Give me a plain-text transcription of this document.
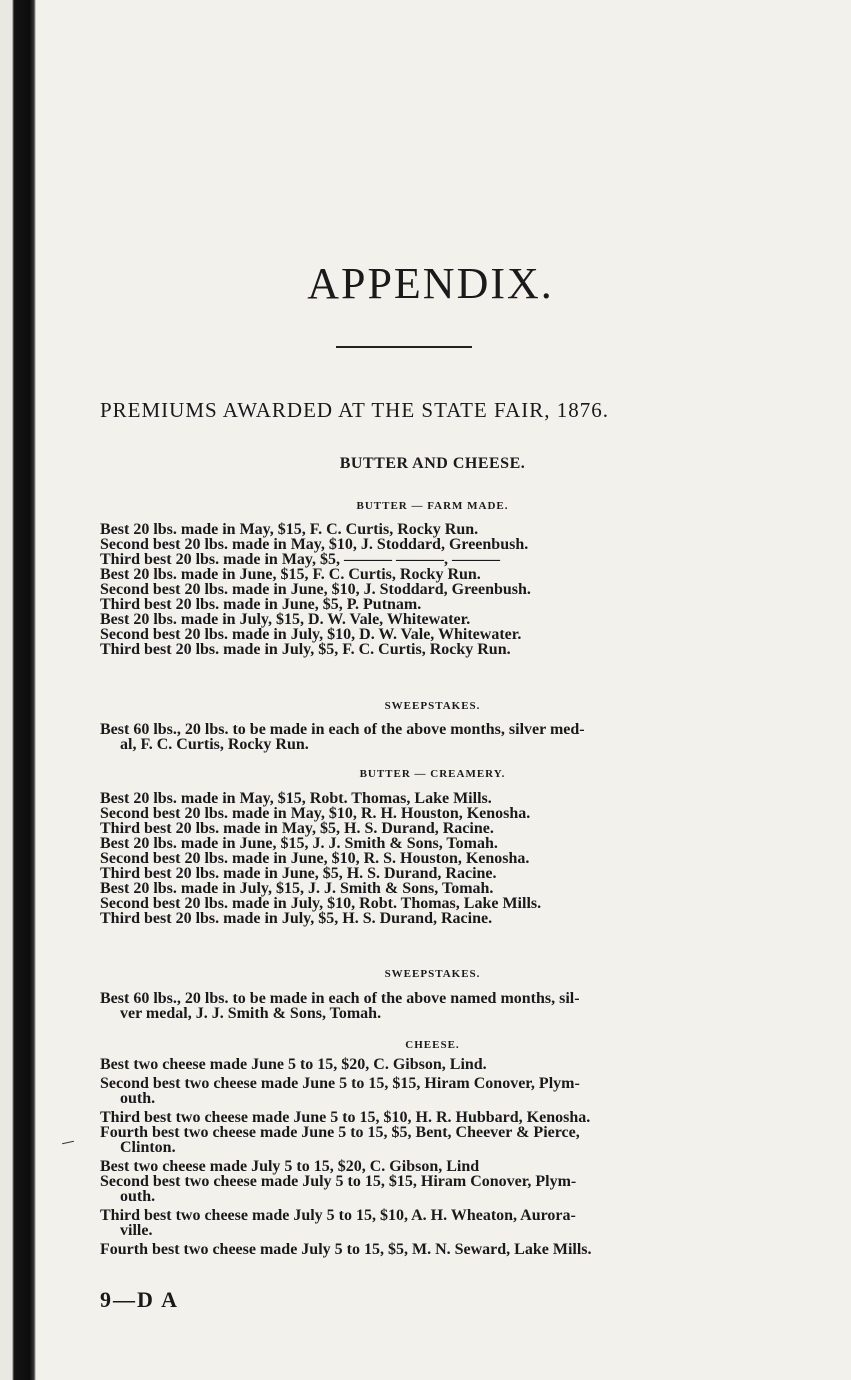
APPENDIX.
PREMIUMS AWARDED AT THE STATE FAIR, 1876.
BUTTER AND CHEESE.
BUTTER — FARM MADE.
Best 20 lbs. made in May, $15, F. C. Curtis, Rocky Run.
Second best 20 lbs. made in May, $10, J. Stoddard, Greenbush.
Third best 20 lbs. made in May, $5, ——— ———, ———
Best 20 lbs. made in June, $15, F. C. Curtis, Rocky Run.
Second best 20 lbs. made in June, $10, J. Stoddard, Greenbush.
Third best 20 lbs. made in June, $5, P. Putnam.
Best 20 lbs. made in July, $15, D. W. Vale, Whitewater.
Second best 20 lbs. made in July, $10, D. W. Vale, Whitewater.
Third best 20 lbs. made in July, $5, F. C. Curtis, Rocky Run.
SWEEPSTAKES.
Best 60 lbs., 20 lbs. to be made in each of the above months, silver med-
al, F. C. Curtis, Rocky Run.
BUTTER — CREAMERY.
Best 20 lbs. made in May, $15, Robt. Thomas, Lake Mills.
Second best 20 lbs. made in May, $10, R. H. Houston, Kenosha.
Third best 20 lbs. made in May, $5, H. S. Durand, Racine.
Best 20 lbs. made in June, $15, J. J. Smith & Sons, Tomah.
Second best 20 lbs. made in June, $10, R. S. Houston, Kenosha.
Third best 20 lbs. made in June, $5, H. S. Durand, Racine.
Best 20 lbs. made in July, $15, J. J. Smith & Sons, Tomah.
Second best 20 lbs. made in July, $10, Robt. Thomas, Lake Mills.
Third best 20 lbs. made in July, $5, H. S. Durand, Racine.
SWEEPSTAKES.
Best 60 lbs., 20 lbs. to be made in each of the above named months, sil-
ver medal, J. J. Smith & Sons, Tomah.
CHEESE.
Best two cheese made June 5 to 15, $20, C. Gibson, Lind.
Second best two cheese made June 5 to 15, $15, Hiram Conover, Plym-
outh.
Third best two cheese made June 5 to 15, $10, H. R. Hubbard, Kenosha.
Fourth best two cheese made June 5 to 15, $5, Bent, Cheever & Pierce,
Clinton.
Best two cheese made July 5 to 15, $20, C. Gibson, Lind
Second best two cheese made July 5 to 15, $15, Hiram Conover, Plym-
outh.
Third best two cheese made July 5 to 15, $10, A. H. Wheaton, Aurora-
ville.
Fourth best two cheese made July 5 to 15, $5, M. N. Seward, Lake Mills.
9—D A
